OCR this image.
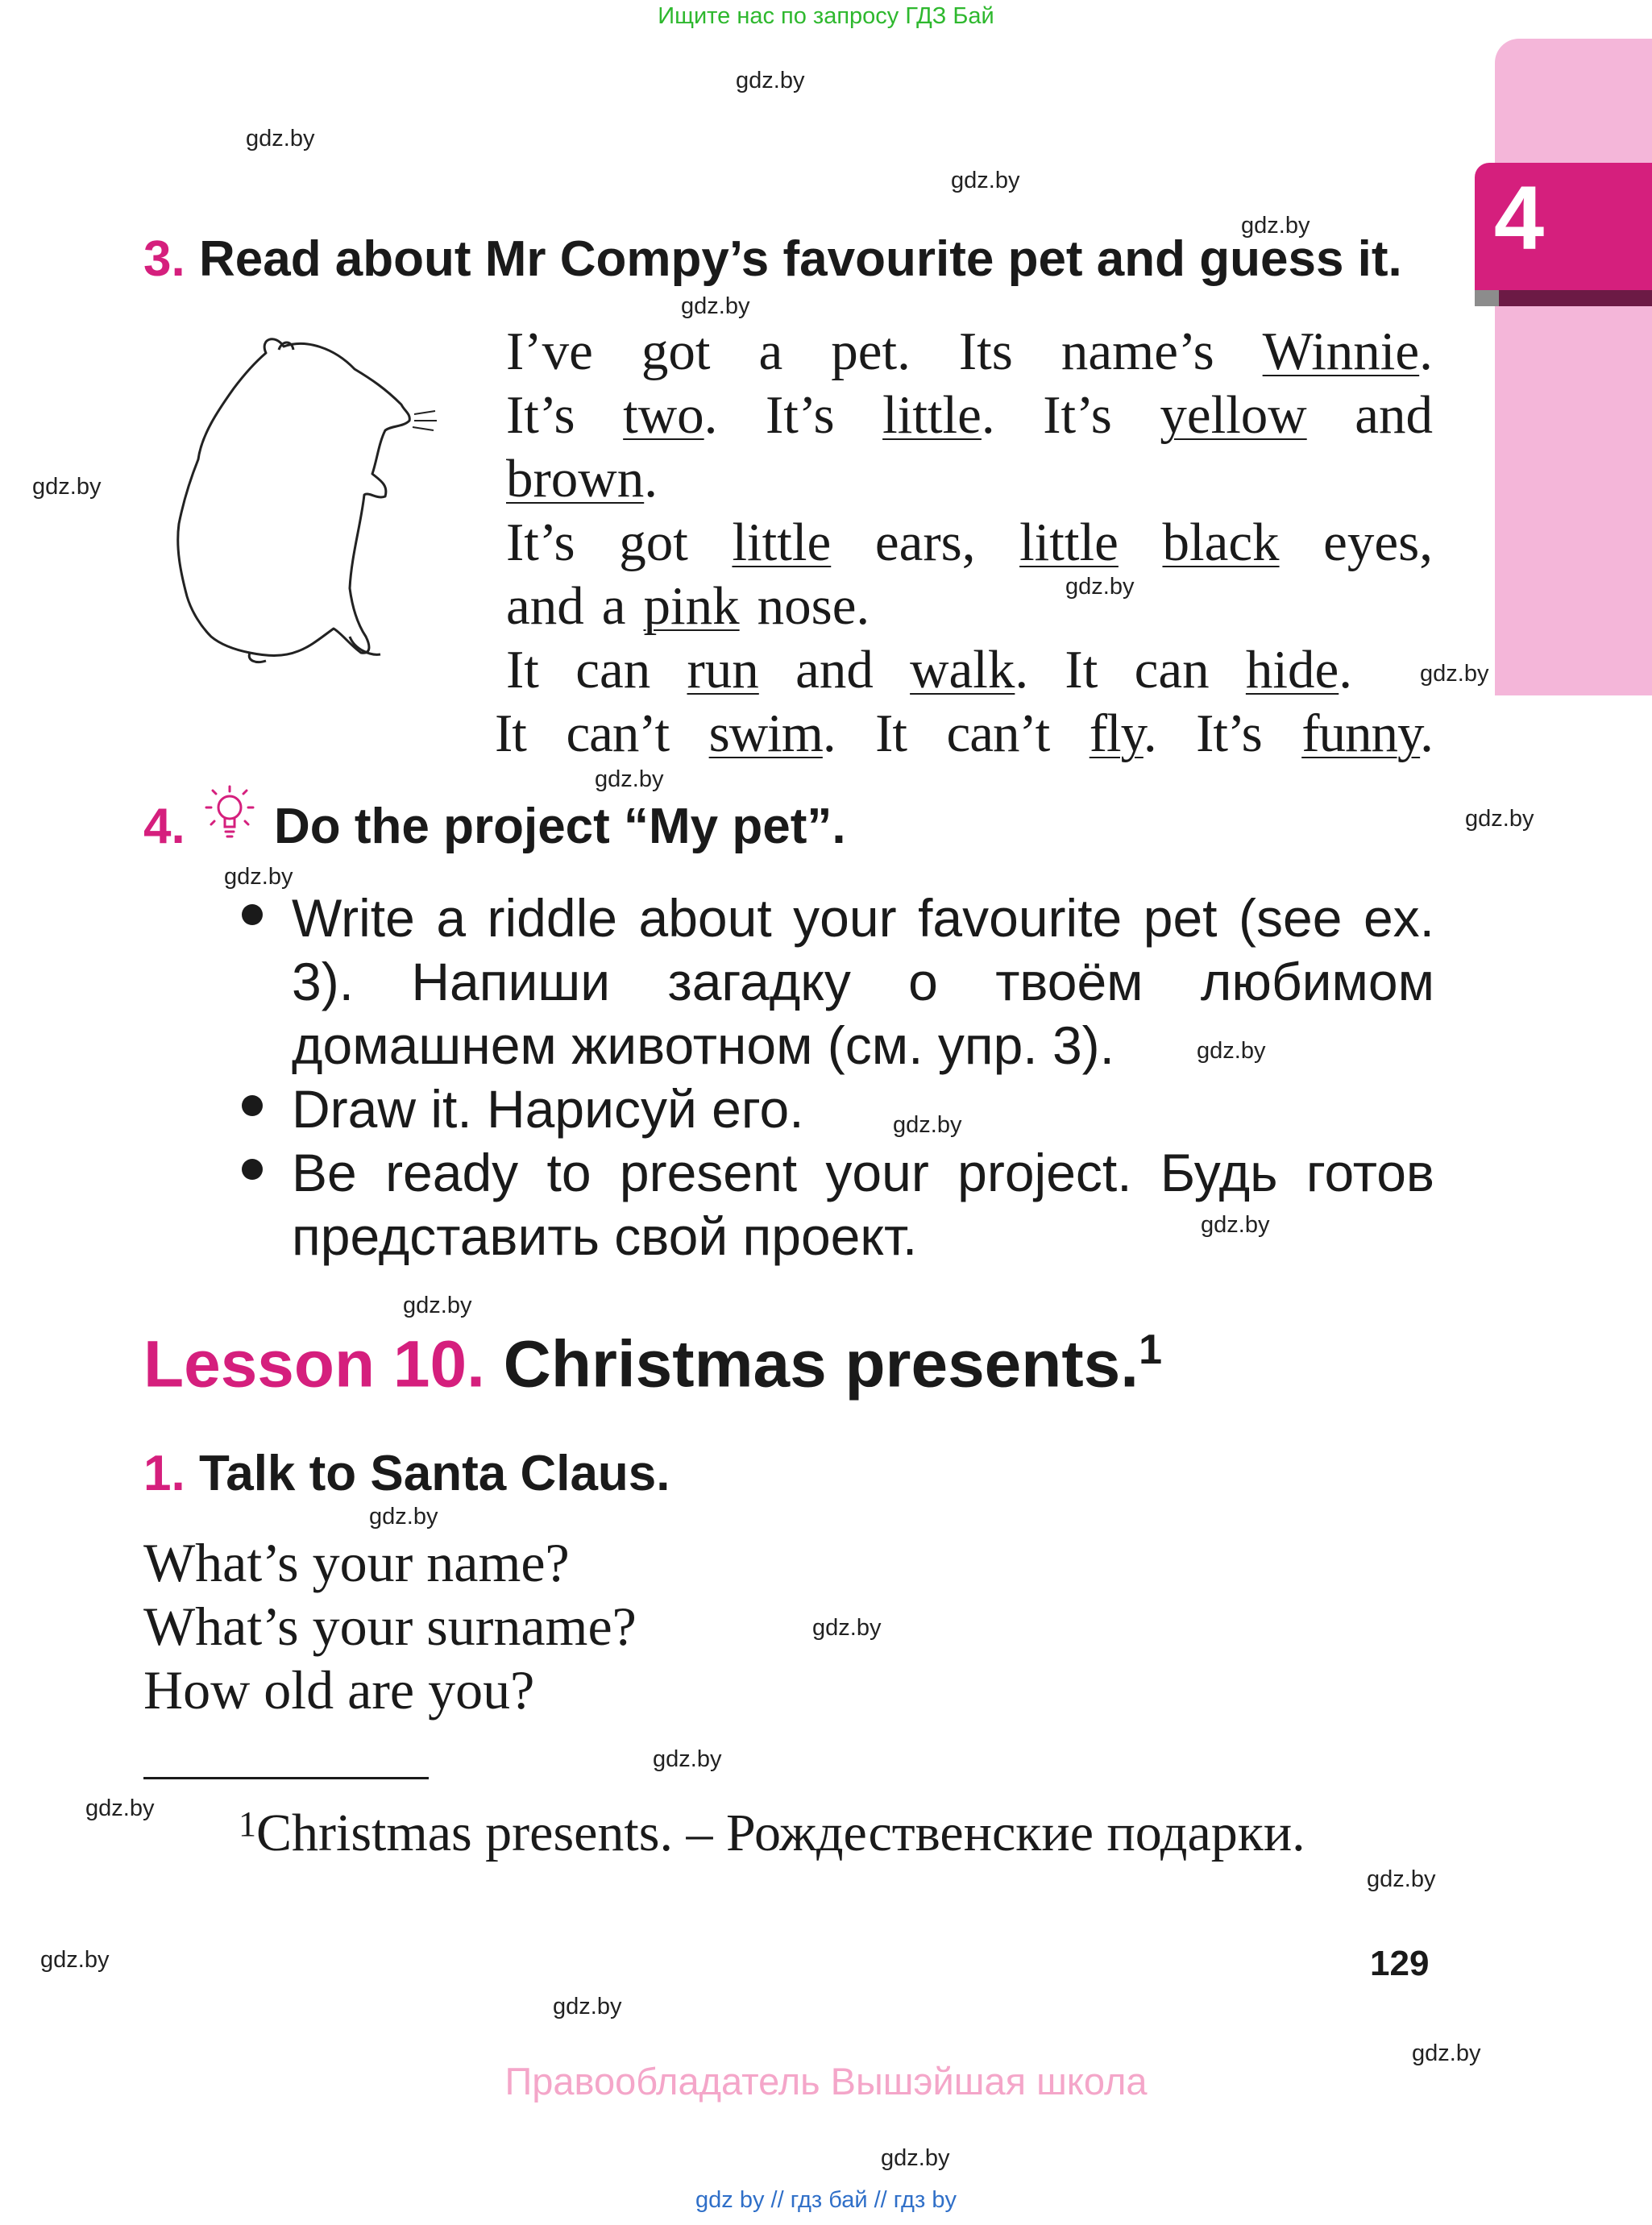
Ищите нас по запросу ГДЗ Бай
4
gdz.by
gdz.by
gdz.by
gdz.by
gdz.by
gdz.by
gdz.by
gdz.by
gdz.by
gdz.by
gdz.by
gdz.by
gdz.by
gdz.by
gdz.by
gdz.by
gdz.by
gdz.by
gdz.by
gdz.by
gdz.by
gdz.by
gdz.by
gdz.by
3. Read about Mr Compy’s favourite pet and guess it.
I’ve got a pet. Its name’s Winnie.
It’s two. It’s little. It’s yellow and
brown.
It’s got little ears, little black eyes,
and a pink nose.
It can run and walk. It can hide.
It can’t swim. It can’t fly. It’s funny.
4. Do the project “My pet”.
Write a riddle about your favourite pet (see ex. 3). Напиши загадку о твоём любимом домашнем животном (см. упр. 3).
Draw it. Нарисуй его.
Be ready to present your project. Будь готов представить свой проект.
Lesson 10. Christmas presents.$^1$
1. Talk to Santa Claus.
What’s your name?
What’s your surname?
How old are you?
$^1$Christmas presents. – Рождественские подарки.
129
Правообладатель Вышэйшая школа
gdz by // гдз бай // гдз by
